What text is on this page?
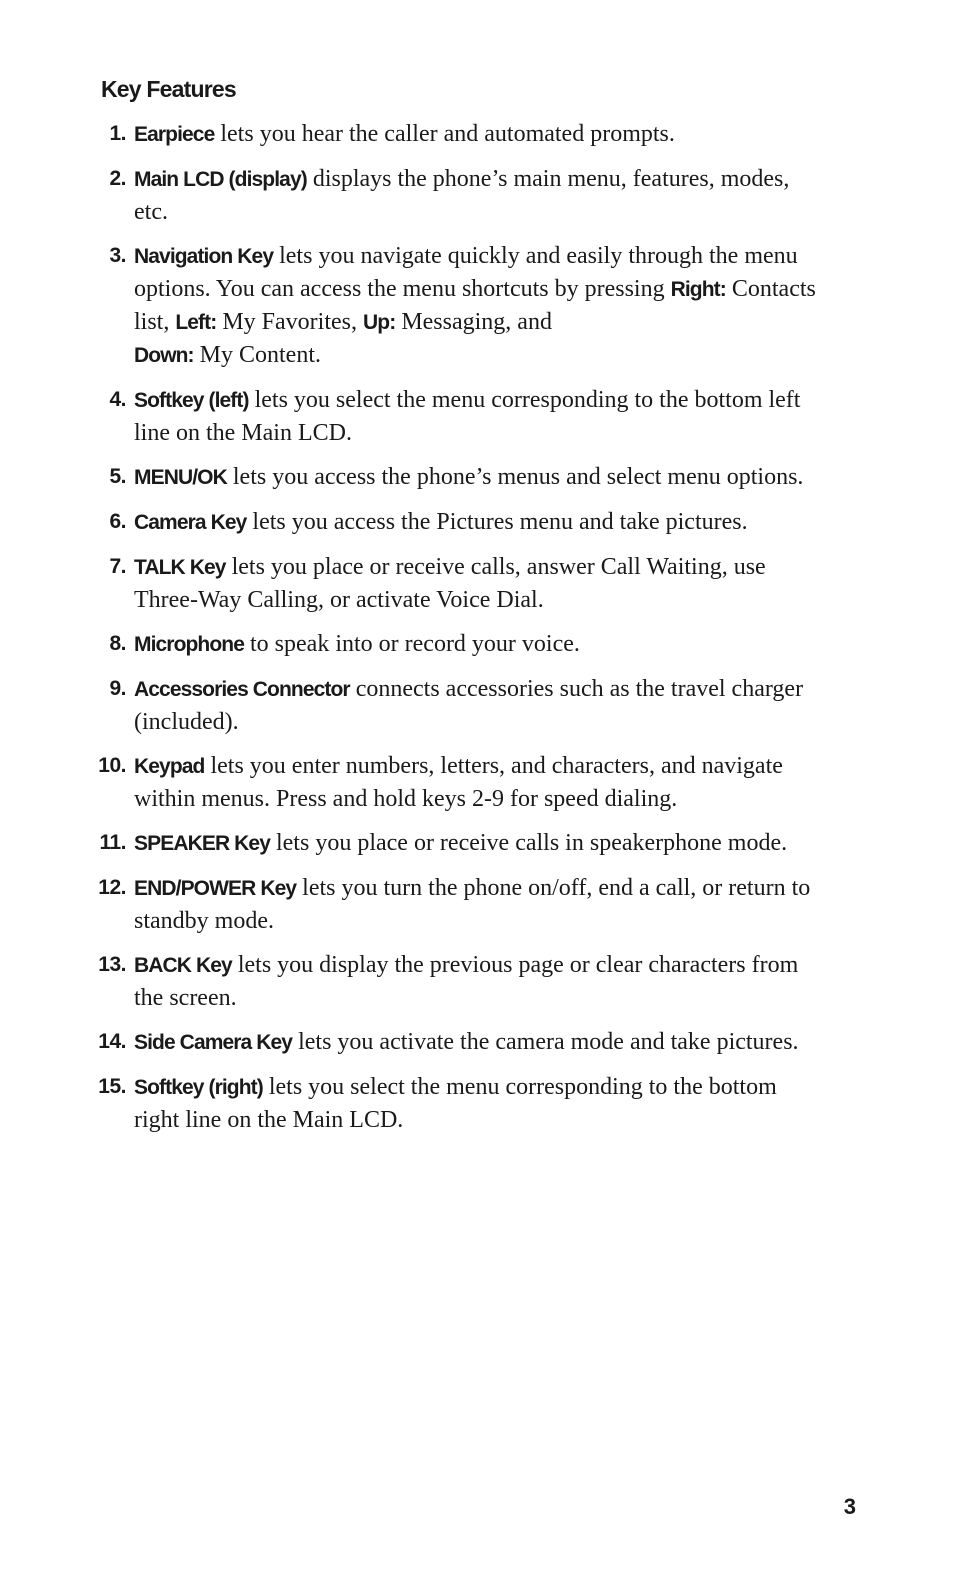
Key Features
1. Earpiece lets you hear the caller and automated prompts.
2. Main LCD (display) displays the phone’s main menu, features, modes, etc.
3. Navigation Key lets you navigate quickly and easily through the menu options. You can access the menu shortcuts by pressing Right: Contacts list, Left: My Favorites, Up: Messaging, and
Down: My Content.
4. Softkey (left) lets you select the menu corresponding to the bottom left line on the Main LCD.
5. MENU/OK lets you access the phone’s menus and select menu options.
6. Camera Key lets you access the Pictures menu and take pictures.
7. TALK Key lets you place or receive calls, answer Call Waiting, use Three-Way Calling, or activate Voice Dial.
8. Microphone to speak into or record your voice.
9. Accessories Connector connects accessories such as the travel charger (included).
10. Keypad lets you enter numbers, letters, and characters, and navigate within menus. Press and hold keys 2-9 for speed dialing.
11. SPEAKER Key lets you place or receive calls in speakerphone mode.
12. END/POWER Key lets you turn the phone on/off, end a call, or return to standby mode.
13. BACK Key lets you display the previous page or clear characters from the screen.
14. Side Camera Key lets you activate the camera mode and take pictures.
15. Softkey (right) lets you select the menu corresponding to the bottom right line on the Main LCD.
3
